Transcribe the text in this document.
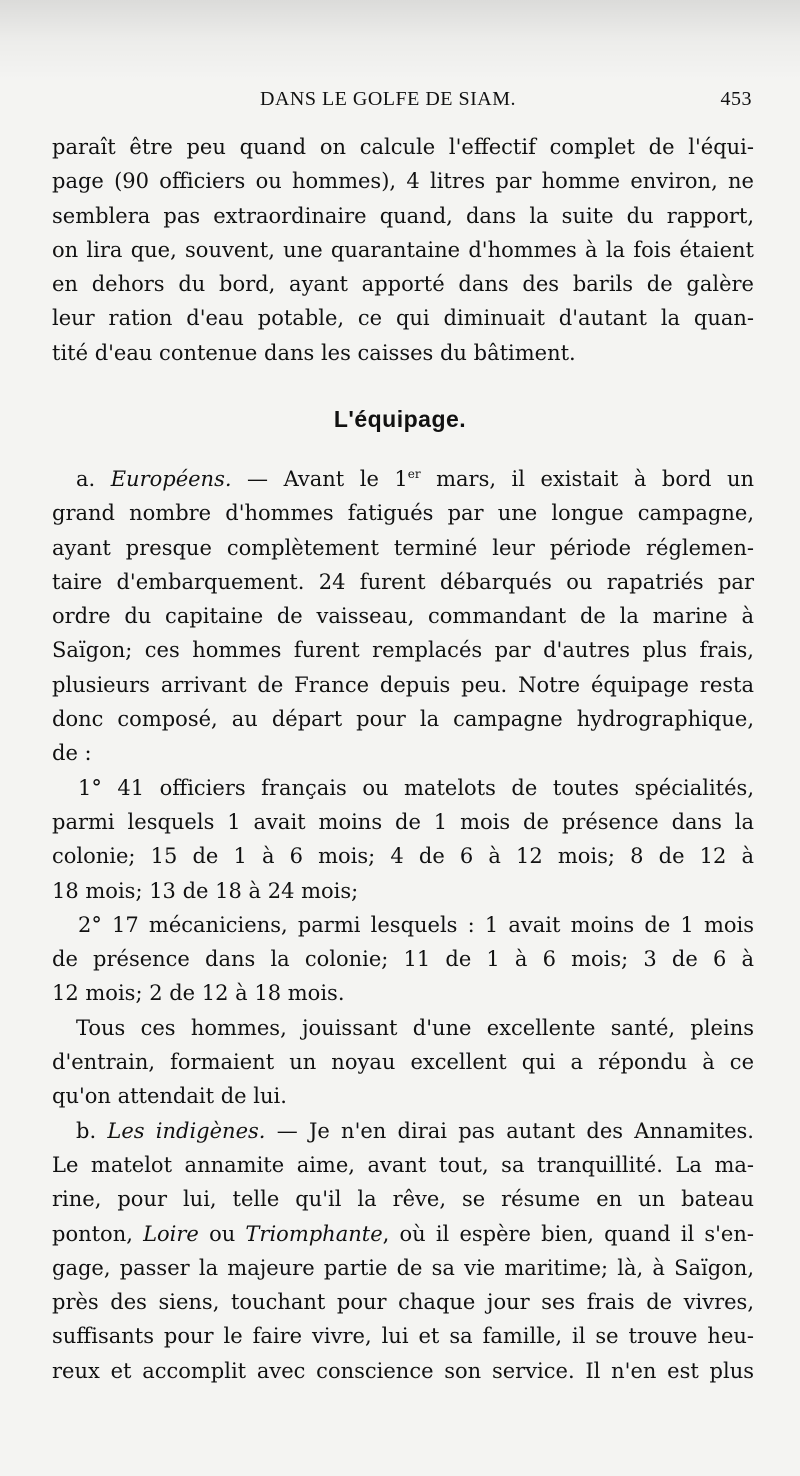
DANS LE GOLFE DE SIAM.	453
paraît être peu quand on calcule l'effectif complet de l'équi-
page (90 officiers ou hommes), 4 litres par homme environ, ne
semblera pas extraordinaire quand, dans la suite du rapport,
on lira que, souvent, une quarantaine d'hommes à la fois étaient
en dehors du bord, ayant apporté dans des barils de galère
leur ration d'eau potable, ce qui diminuait d'autant la quan-
tité d'eau contenue dans les caisses du bâtiment.
L'équipage.
a. Européens. — Avant le 1er mars, il existait à bord un
grand nombre d'hommes fatigués par une longue campagne,
ayant presque complètement terminé leur période réglemen-
taire d'embarquement. 24 furent débarqués ou rapatriés par
ordre du capitaine de vaisseau, commandant de la marine à
Saïgon; ces hommes furent remplacés par d'autres plus frais,
plusieurs arrivant de France depuis peu. Notre équipage resta
donc composé, au départ pour la campagne hydrographique,
de :
1° 41 officiers français ou matelots de toutes spécialités,
parmi lesquels 1 avait moins de 1 mois de présence dans la
colonie; 15 de 1 à 6 mois; 4 de 6 à 12 mois; 8 de 12 à
18 mois; 13 de 18 à 24 mois;
2° 17 mécaniciens, parmi lesquels : 1 avait moins de 1 mois
de présence dans la colonie; 11 de 1 à 6 mois; 3 de 6 à
12 mois; 2 de 12 à 18 mois.
Tous ces hommes, jouissant d'une excellente santé, pleins
d'entrain, formaient un noyau excellent qui a répondu à ce
qu'on attendait de lui.
b. Les indigènes. — Je n'en dirai pas autant des Annamites.
Le matelot annamite aime, avant tout, sa tranquillité. La ma-
rine, pour lui, telle qu'il la rêve, se résume en un bateau
ponton, Loire ou Triomphante, où il espère bien, quand il s'en-
gage, passer la majeure partie de sa vie maritime; là, à Saïgon,
près des siens, touchant pour chaque jour ses frais de vivres,
suffisants pour le faire vivre, lui et sa famille, il se trouve heu-
reux et accomplit avec conscience son service. Il n'en est plus
